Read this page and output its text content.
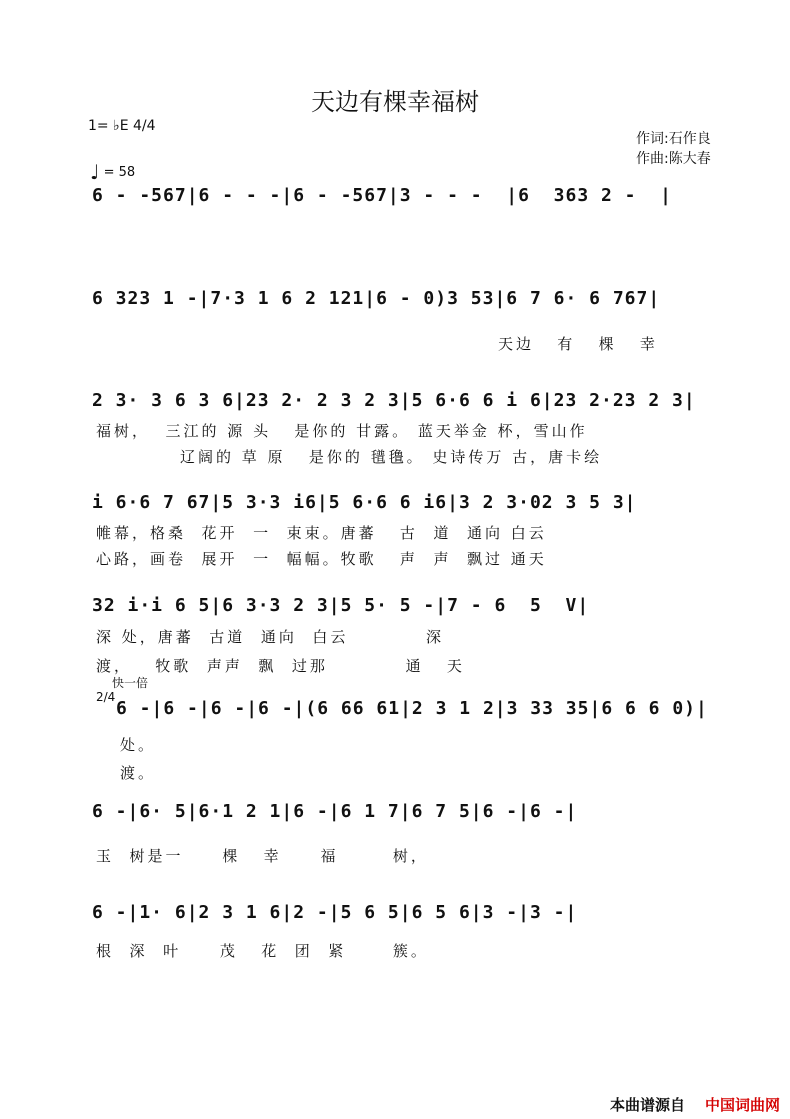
天边有棵幸福树
1= ♭E 4/4
♩ = 58
作词:石作良
作曲:陈大春
6 - -567|6 - - -|6 - -567|3 - - -  |6  363 2 -  |
6 323 1 -|7·3 1 6 2 121|6 - 0)3 53|6 7 6· 6 767|
天边   有   棵   幸
2 3· 3 6 3 6|23 2· 2 3 2 3|5 6·6 6 i 6|23 2·23 2 3|
福树，  三江的 源 头   是你的 甘露。 蓝天举金 杯，雪山作
辽阔的 草 原   是你的 氆氇。 史诗传万 古，唐卡绘
i 6·6 7 67|5 3·3 i6|5 6·6 6 i6|3 2 3·02 3 5 3|
帷幕，格桑  花开  一  束束。唐蕃   古  道  通向 白云
心路，画卷  展开  一  幅幅。牧歌   声  声  飘过 通天
32 i·i 6 5|6 3·3 2 3|5 5· 5 -|7 - 6  5  V|
深 处，唐蕃  古道  通向  白云          深
渡，   牧歌  声声  飘  过那          通   天
快一倍
2/4
6 -|6 -|6 -|6 -|(6 66 61|2 3 1 2|3 33 35|6 6 6 0)|
处。
渡。
6 -|6· 5|6·1 2 1|6 -|6 1 7|6 7 5|6 -|6 -|
玉  树是一     棵   幸     福       树，
6 -|1· 6|2 3 1 6|2 -|5 6 5|6 5 6|3 -|3 -|
根  深  叶     茂   花  团  紧      簇。
本曲谱源自 中国词曲网
